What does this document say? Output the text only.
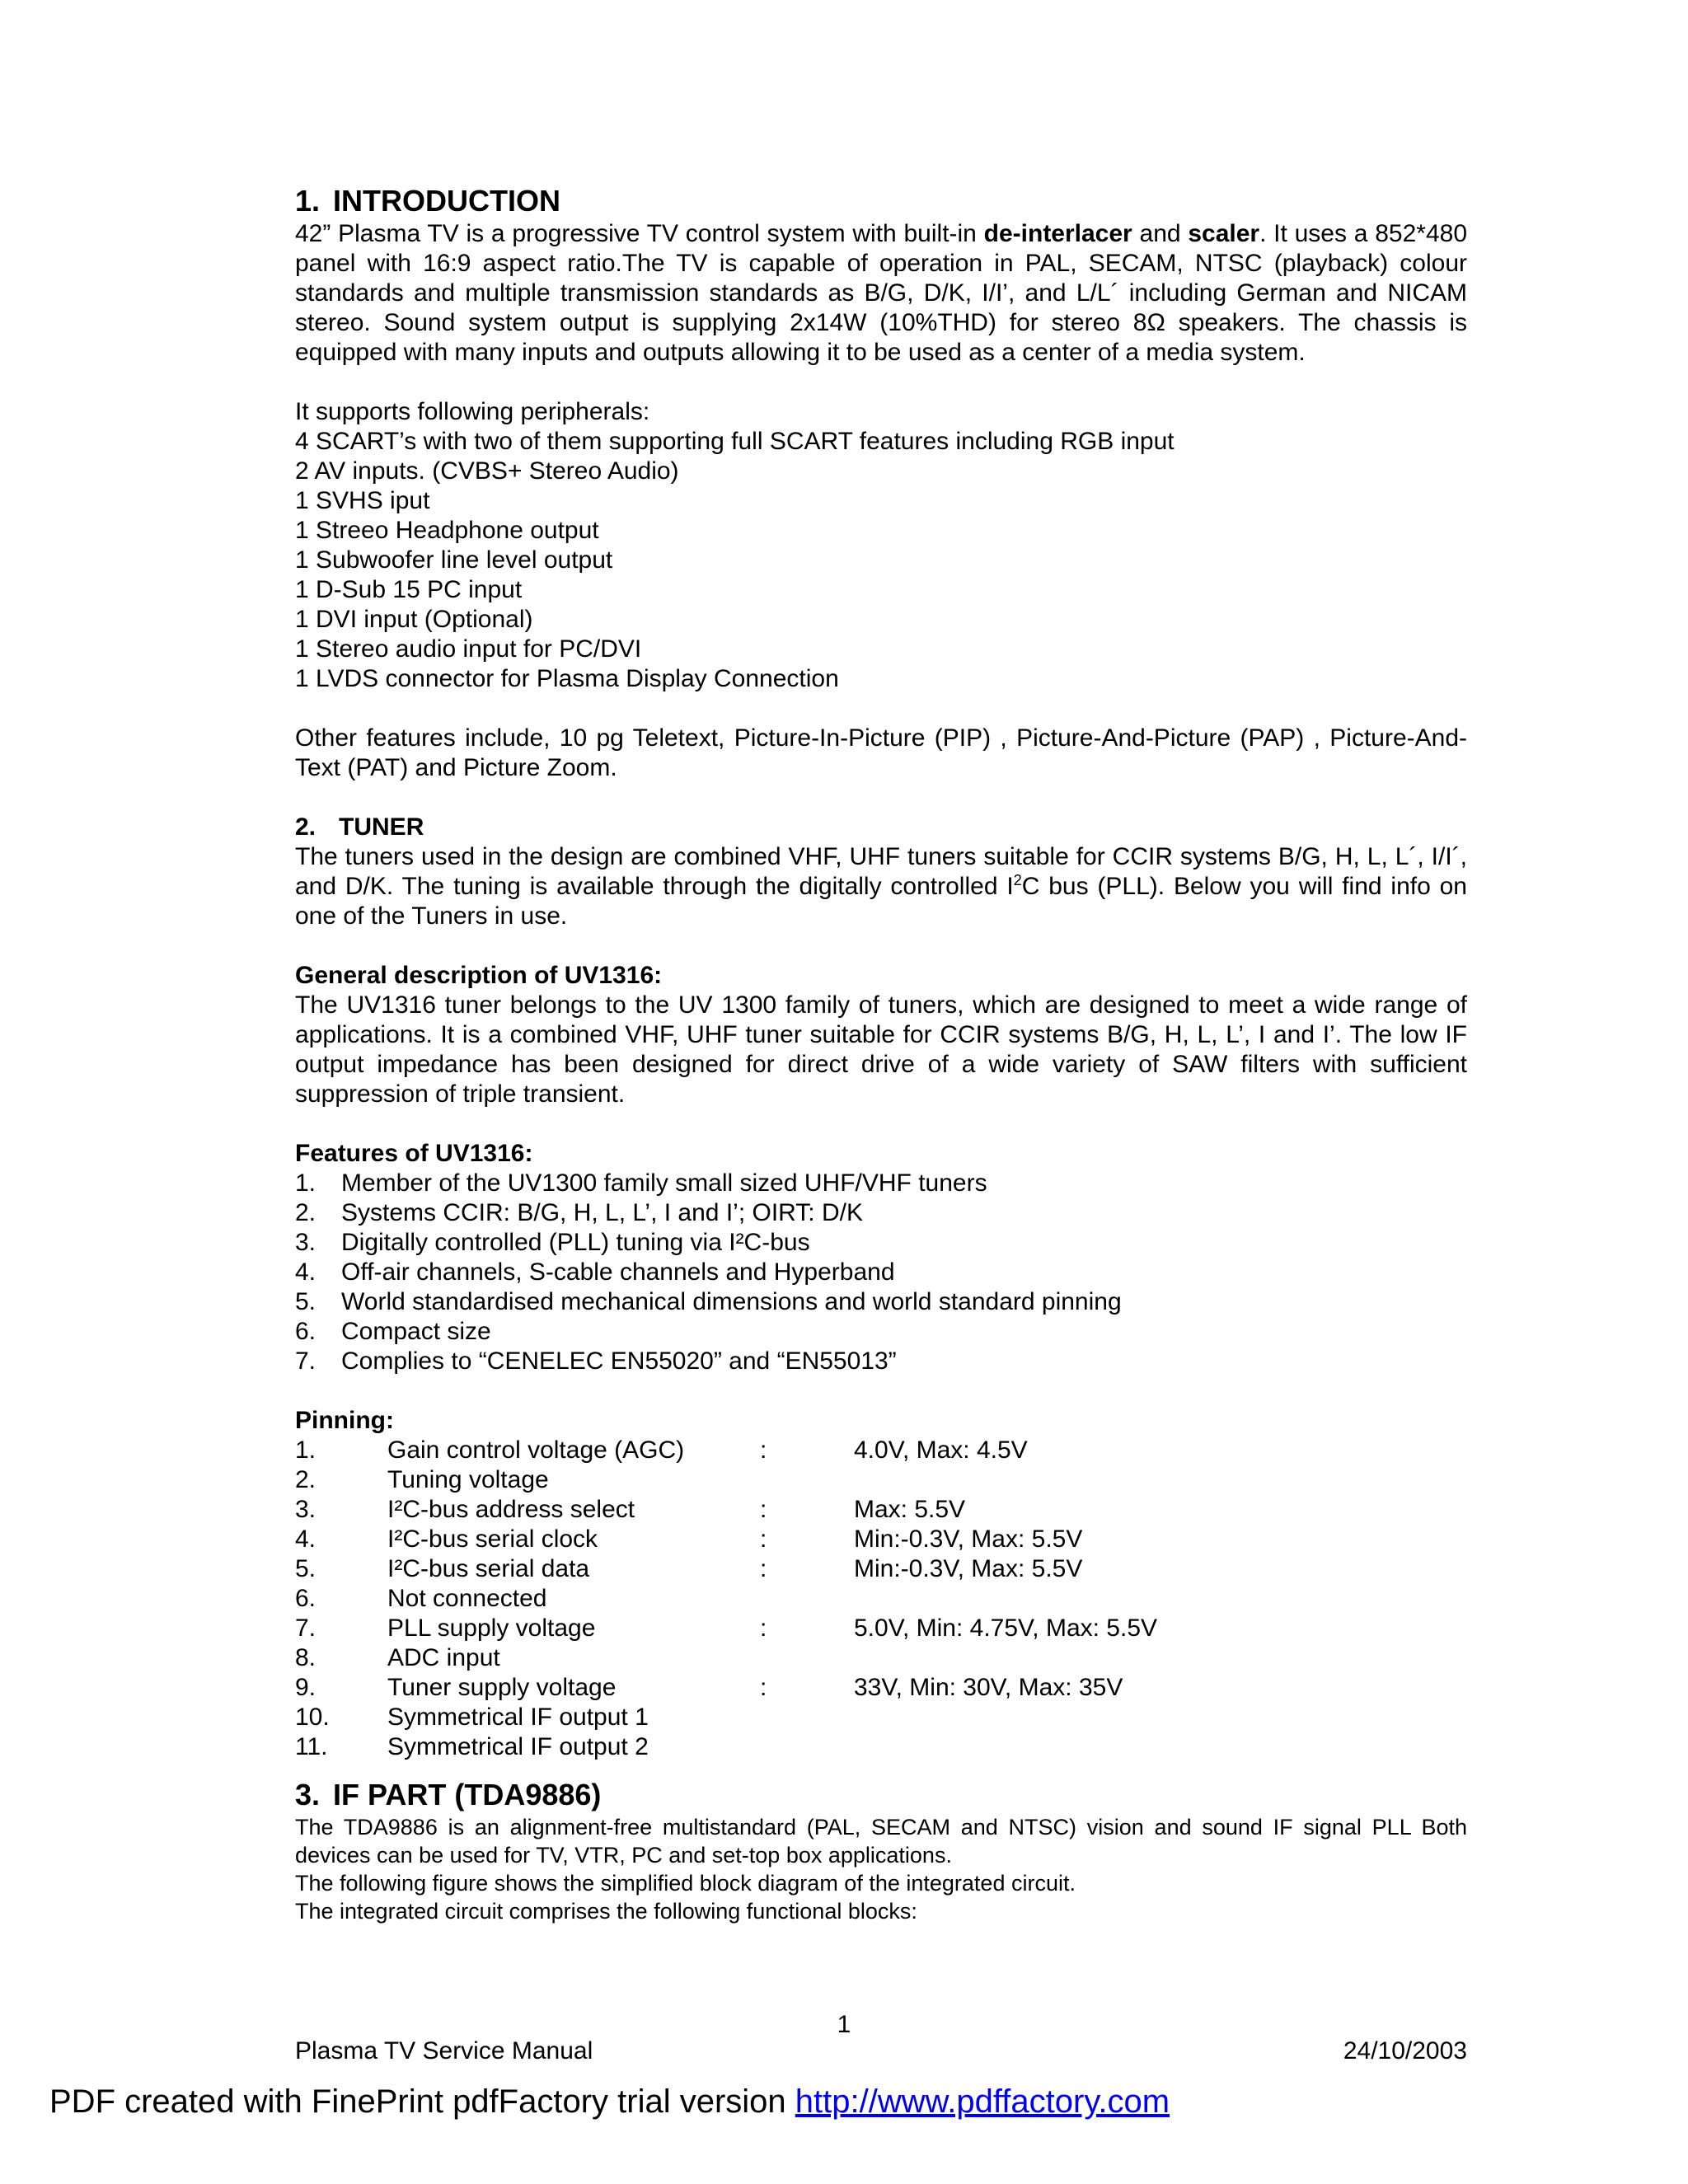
1. INTRODUCTION

42” Plasma TV is a progressive TV control system with built-in de-interlacer and scaler. It uses a 852*480 panel with 16:9 aspect ratio.The TV is capable of operation in PAL, SECAM, NTSC (playback) colour standards and multiple transmission standards as B/G, D/K, I/I’, and L/L´ including German and NICAM stereo. Sound system output is supplying 2x14W (10%THD) for stereo 8Ω speakers. The chassis is equipped with many inputs and outputs allowing it to be used as a center of a media system.

It supports following peripherals:

4 SCART’s with two of them supporting full SCART features including RGB input
2 AV inputs. (CVBS+ Stereo Audio)
1 SVHS iput
1 Streeo Headphone output
1 Subwoofer line level output
1 D-Sub 15 PC input
1 DVI input (Optional)
1 Stereo audio input for PC/DVI
1 LVDS connector for Plasma Display Connection

Other features include, 10 pg Teletext, Picture-In-Picture (PIP) , Picture-And-Picture (PAP) , Picture-And-Text (PAT) and Picture Zoom.

2. TUNER

The tuners used in the design are combined VHF, UHF tuners suitable for CCIR systems B/G, H, L, L´, I/I´, and D/K. The tuning is available through the digitally controlled $I^2C$ bus (PLL). Below you will find info on one of the Tuners in use.

General description of UV1316:

The UV1316 tuner belongs to the UV 1300 family of tuners, which are designed to meet a wide range of applications. It is a combined VHF, UHF tuner suitable for CCIR systems B/G, H, L, L’, I and I’. The low IF output impedance has been designed for direct drive of a wide variety of SAW filters with sufficient suppression of triple transient.

Features of UV1316:

1.	Member of the UV1300 family small sized UHF/VHF tuners
2.	Systems CCIR: B/G, H, L, L’, I and I’; OIRT: D/K
3.	Digitally controlled (PLL) tuning via I²C-bus
4.	Off-air channels, S-cable channels and Hyperband
5.	World standardised mechanical dimensions and world standard pinning
6.	Compact size
7.	Complies to “CENELEC EN55020” and “EN55013”

Pinning:

1.	Gain control voltage (AGC)	:	4.0V, Max: 4.5V
2.	Tuning voltage
3.	I²C-bus address select	:	Max: 5.5V
4.	I²C-bus serial clock	:	Min:-0.3V, Max: 5.5V
5.	I²C-bus serial data	:	Min:-0.3V, Max: 5.5V
6.	Not connected
7.	PLL supply voltage	:	5.0V, Min: 4.75V, Max: 5.5V
8.	ADC input
9.	Tuner supply voltage	:	33V, Min: 30V, Max: 35V
10.	Symmetrical IF output 1
11.	Symmetrical IF output 2
3. IF PART (TDA9886)

The TDA9886 is an alignment-free multistandard (PAL, SECAM and NTSC) vision and sound IF signal PLL Both devices can be used for TV, VTR, PC and set-top box applications.

The following figure shows the simplified block diagram of the integrated circuit.

The integrated circuit comprises the following functional blocks:

1
Plasma TV Service Manual	24/10/2003
PDF created with FinePrint pdfFactory trial version http://www.pdffactory.com
